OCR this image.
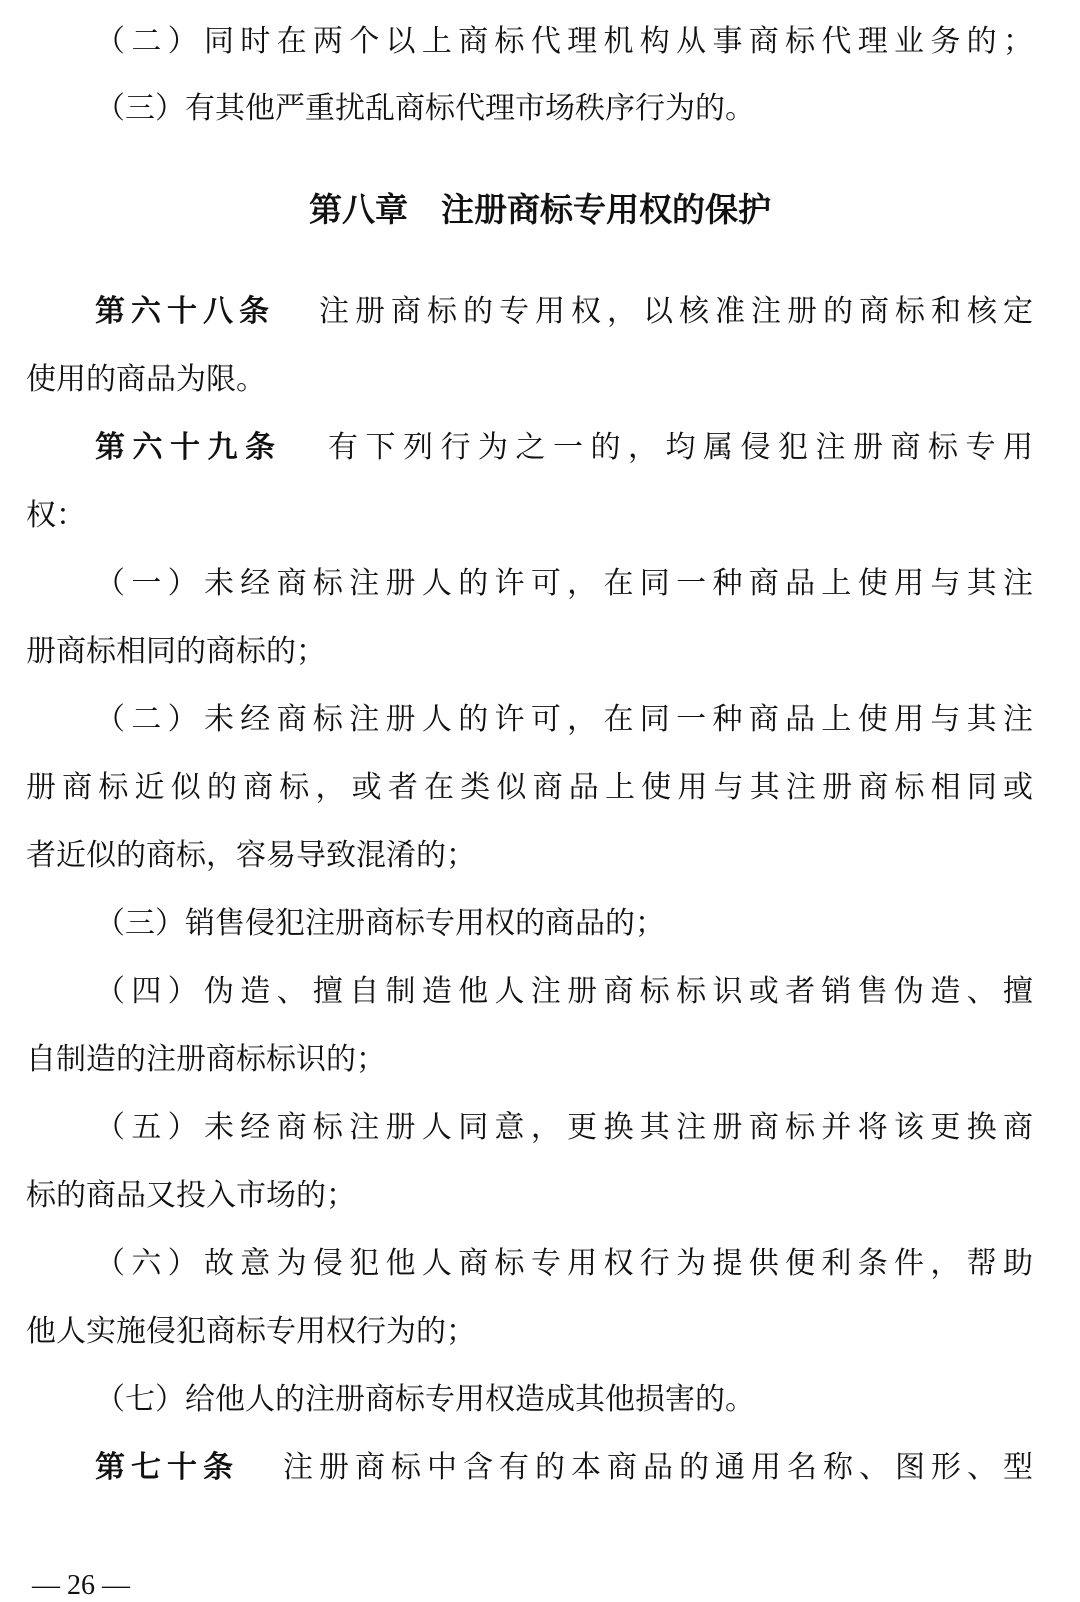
（二）同时在两个以上商标代理机构从事商标代理业务的；
（三）有其他严重扰乱商标代理市场秩序行为的。
第八章　注册商标专用权的保护
第六十八条 注册商标的专用权，以核准注册的商标和核定
使用的商品为限。
第六十九条 有下列行为之一的，均属侵犯注册商标专用
权：
（一）未经商标注册人的许可，在同一种商品上使用与其注
册商标相同的商标的；
（二）未经商标注册人的许可，在同一种商品上使用与其注
册商标近似的商标，或者在类似商品上使用与其注册商标相同或
者近似的商标，容易导致混淆的；
（三）销售侵犯注册商标专用权的商品的；
（四）伪造、擅自制造他人注册商标标识或者销售伪造、擅
自制造的注册商标标识的；
（五）未经商标注册人同意，更换其注册商标并将该更换商
标的商品又投入市场的；
（六）故意为侵犯他人商标专用权行为提供便利条件，帮助
他人实施侵犯商标专用权行为的；
（七）给他人的注册商标专用权造成其他损害的。
第七十条 注册商标中含有的本商品的通用名称、图形、型
— 26 —
